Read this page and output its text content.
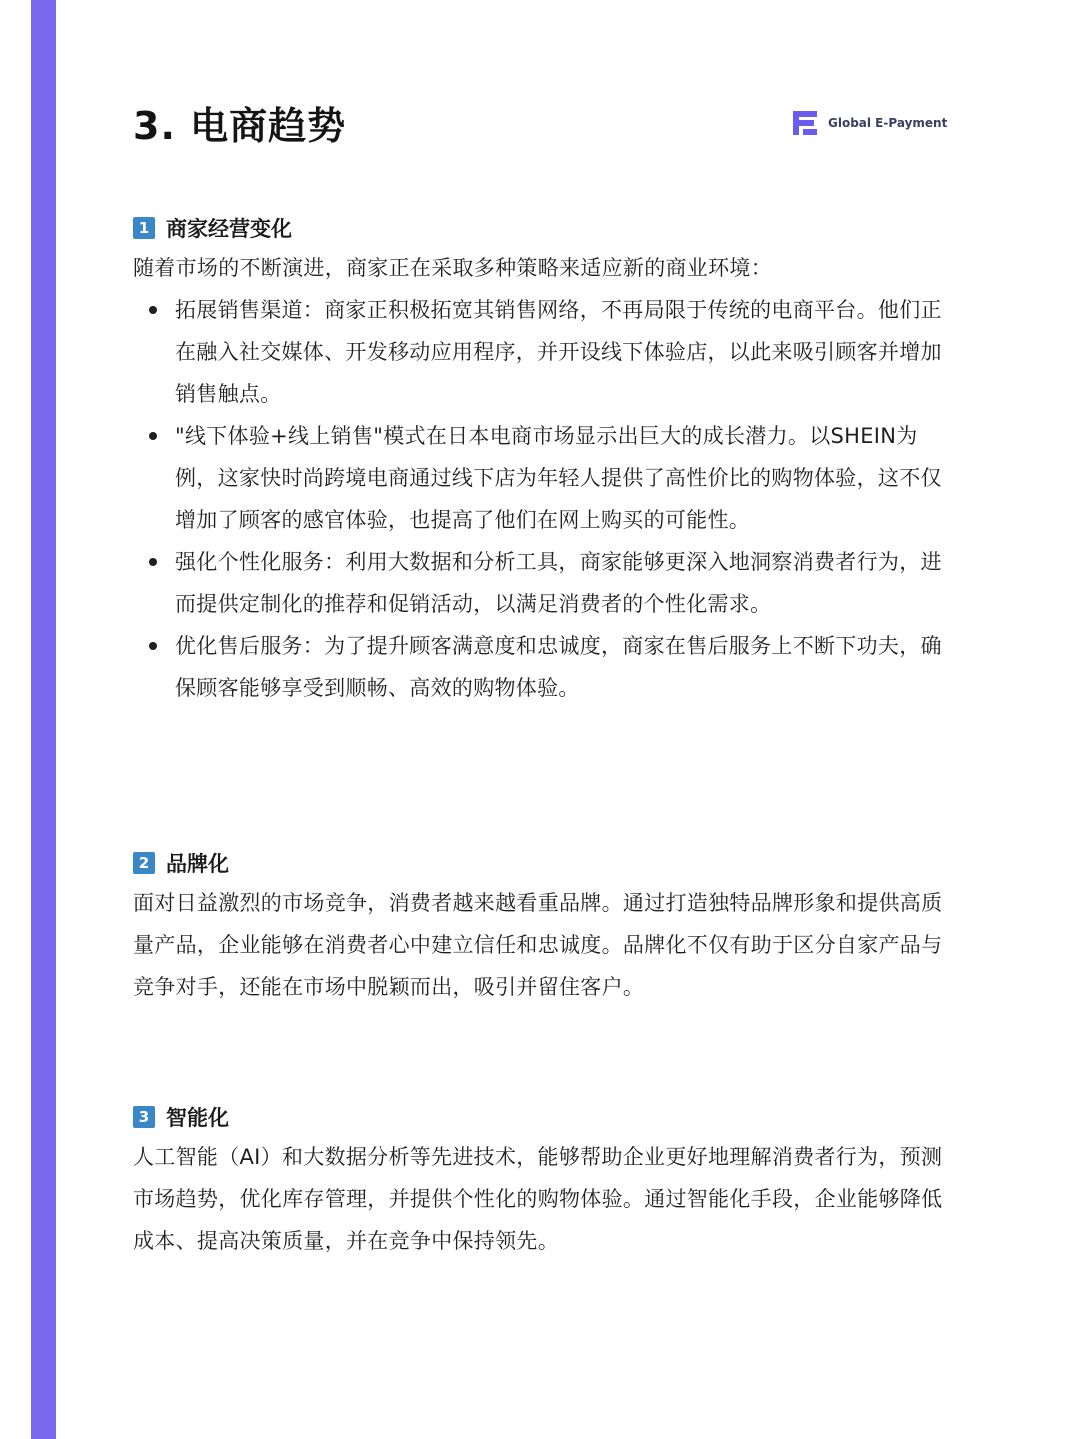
3. 电商趋势	Global E-Payment
1 商家经营变化

随着市场的不断演进，商家正在采取多种策略来适应新的商业环境：

拓展销售渠道：商家正积极拓宽其销售网络，不再局限于传统的电商平台。他们正在融入社交媒体、开发移动应用程序，并开设线下体验店，以此来吸引顾客并增加销售触点。
"线下体验+线上销售"模式在日本电商市场显示出巨大的成长潜力。以SHEIN为例，这家快时尚跨境电商通过线下店为年轻人提供了高性价比的购物体验，这不仅增加了顾客的感官体验，也提高了他们在网上购买的可能性。
强化个性化服务：利用大数据和分析工具，商家能够更深入地洞察消费者行为，进而提供定制化的推荐和促销活动，以满足消费者的个性化需求。
优化售后服务：为了提升顾客满意度和忠诚度，商家在售后服务上不断下功夫，确保顾客能够享受到顺畅、高效的购物体验。
2 品牌化

面对日益激烈的市场竞争，消费者越来越看重品牌。通过打造独特品牌形象和提供高质量产品，企业能够在消费者心中建立信任和忠诚度。品牌化不仅有助于区分自家产品与竞争对手，还能在市场中脱颖而出，吸引并留住客户。

3 智能化

人工智能（AI）和大数据分析等先进技术，能够帮助企业更好地理解消费者行为，预测市场趋势，优化库存管理，并提供个性化的购物体验。通过智能化手段，企业能够降低成本、提高决策质量，并在竞争中保持领先。
